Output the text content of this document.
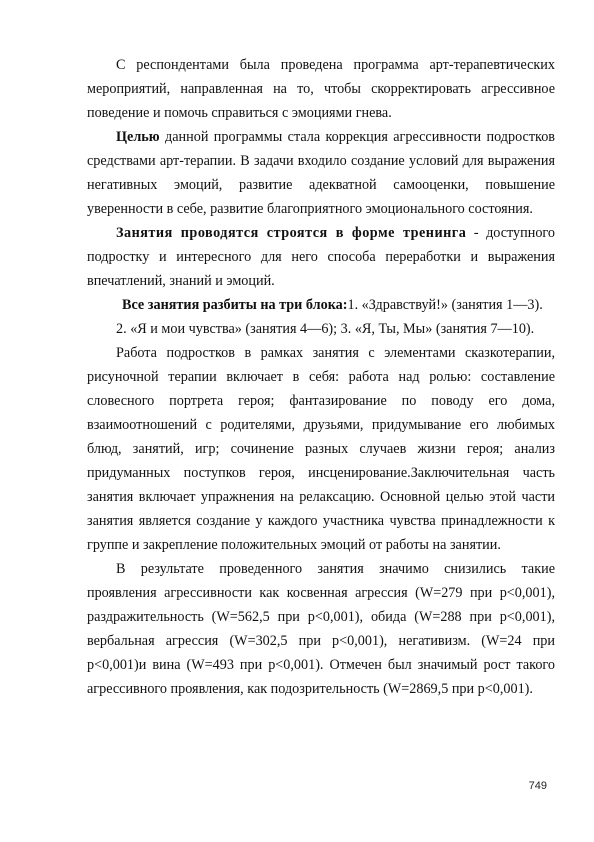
С респондентами была проведена программа арт-терапевтических мероприятий, направленная на то, чтобы скорректировать агрессивное поведение и помочь справиться с эмоциями гнева.

Целью данной программы стала коррекция агрессивности подростков средствами арт-терапии. В задачи входило создание условий для выражения негативных эмоций, развитие адекватной самооценки, повышение уверенности в себе, развитие благоприятного эмоционального состояния.

Занятия проводятся строятся в форме тренинга - доступного подростку и интересного для него способа переработки и выражения впечатлений, знаний и эмоций.

Все занятия разбиты на три блока:1. «Здравствуй!» (занятия 1—3).

2. «Я и мои чувства» (занятия 4—6); 3. «Я, Ты, Мы» (занятия 7—10).

Работа подростков в рамках занятия с элементами сказкотерапии, рисуночной терапии включает в себя: работа над ролью: составление словесного портрета героя; фантазирование по поводу его дома, взаимоотношений с родителями, друзьями, придумывание его любимых блюд, занятий, игр; сочинение разных случаев жизни героя; анализ придуманных поступков героя, инсценирование.Заключительная часть занятия включает упражнения на релаксацию. Основной целью этой части занятия является создание у каждого участника чувства принадлежности к группе и закрепление положительных эмоций от работы на занятии.

В результате проведенного занятия значимо снизились такие проявления агрессивности как косвенная агрессия (W=279 при p<0,001), раздражительность (W=562,5 при p<0,001), обида (W=288 при p<0,001), вербальная агрессия (W=302,5 при p<0,001), негативизм. (W=24 при p<0,001)и вина (W=493 при p<0,001). Отмечен был значимый рост такого агрессивного проявления, как подозрительность (W=2869,5 при p<0,001).

749
